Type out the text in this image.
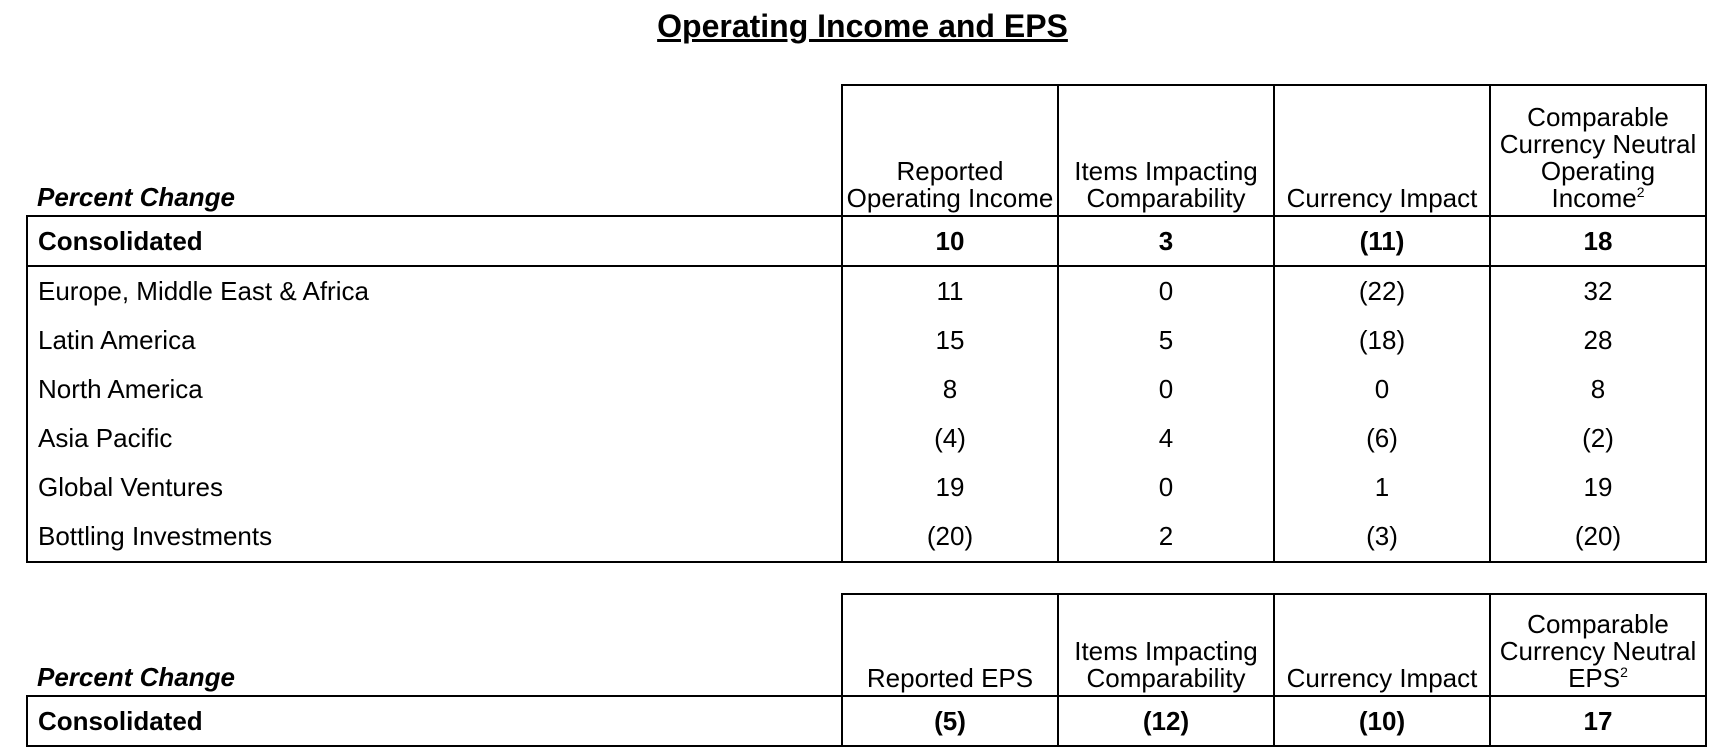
Operating Income and EPS
Percent Change	Reported Operating Income	Items Impacting Comparability	Currency Impact	Comparable Currency Neutral Operating Income$^2$
Consolidated	10	3	(11)	18
Europe, Middle East & Africa	11	0	(22)	32
Latin America	15	5	(18)	28
North America	8	0	0	8
Asia Pacific	(4)	4	(6)	(2)
Global Ventures	19	0	1	19
Bottling Investments	(20)	2	(3)	(20)
Percent Change	Reported EPS	Items Impacting Comparability	Currency Impact	Comparable Currency Neutral EPS$^2$
Consolidated	(5)	(12)	(10)	17
